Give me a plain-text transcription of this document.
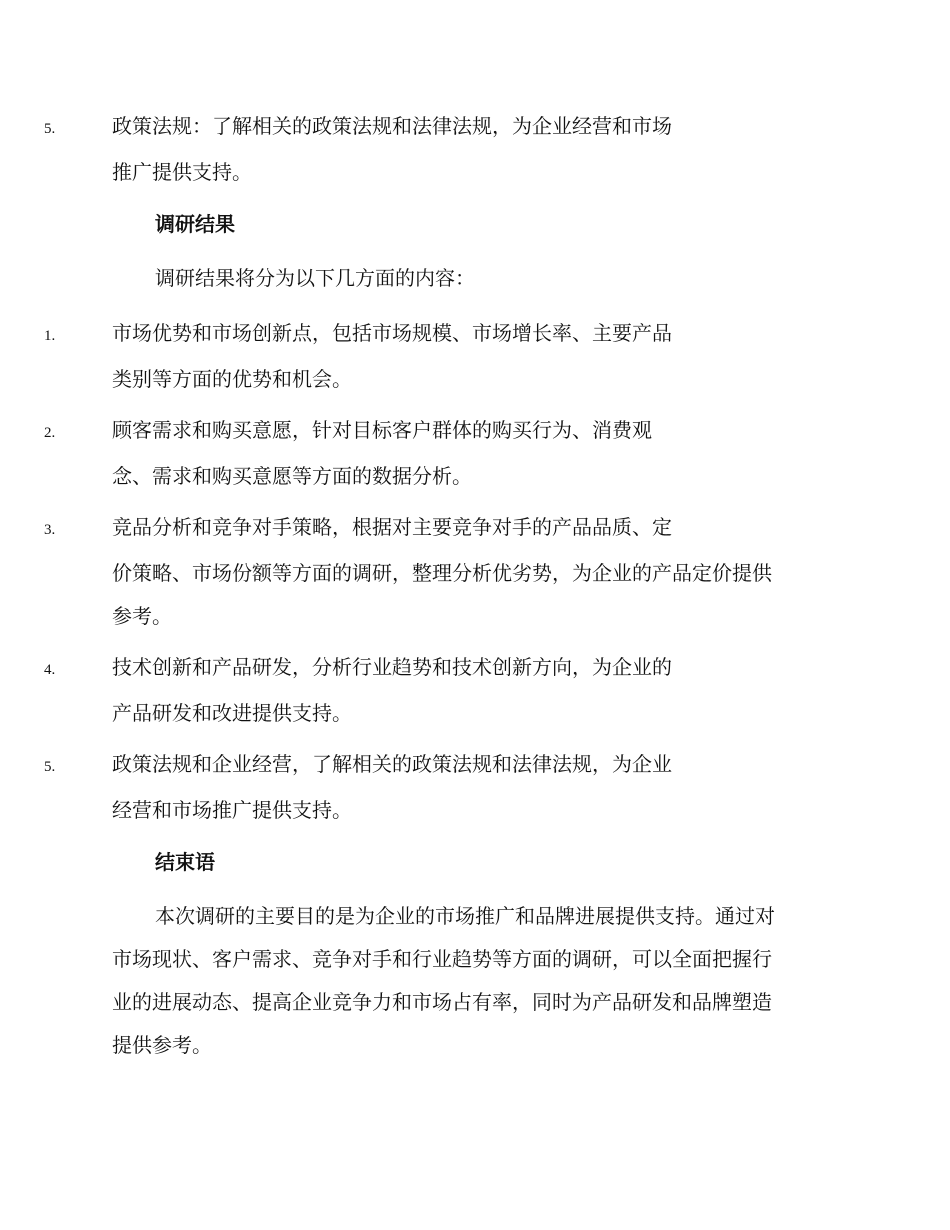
5.	政策法规：了解相关的政策法规和法律法规，为企业经营和市场
推广提供支持。
调研结果
调研结果将分为以下几方面的内容：
1.	市场优势和市场创新点，包括市场规模、市场增长率、主要产品
类别等方面的优势和机会。
2.	顾客需求和购买意愿，针对目标客户群体的购买行为、消费观
念、需求和购买意愿等方面的数据分析。
3.	竞品分析和竞争对手策略，根据对主要竞争对手的产品品质、定
价策略、市场份额等方面的调研，整理分析优劣势，为企业的产品定价提供
参考。
4.	技术创新和产品研发，分析行业趋势和技术创新方向，为企业的
产品研发和改进提供支持。
5.	政策法规和企业经营，了解相关的政策法规和法律法规，为企业
经营和市场推广提供支持。
结束语
本次调研的主要目的是为企业的市场推广和品牌进展提供支持。通过对
市场现状、客户需求、竞争对手和行业趋势等方面的调研，可以全面把握行
业的进展动态、提高企业竞争力和市场占有率，同时为产品研发和品牌塑造
提供参考。
